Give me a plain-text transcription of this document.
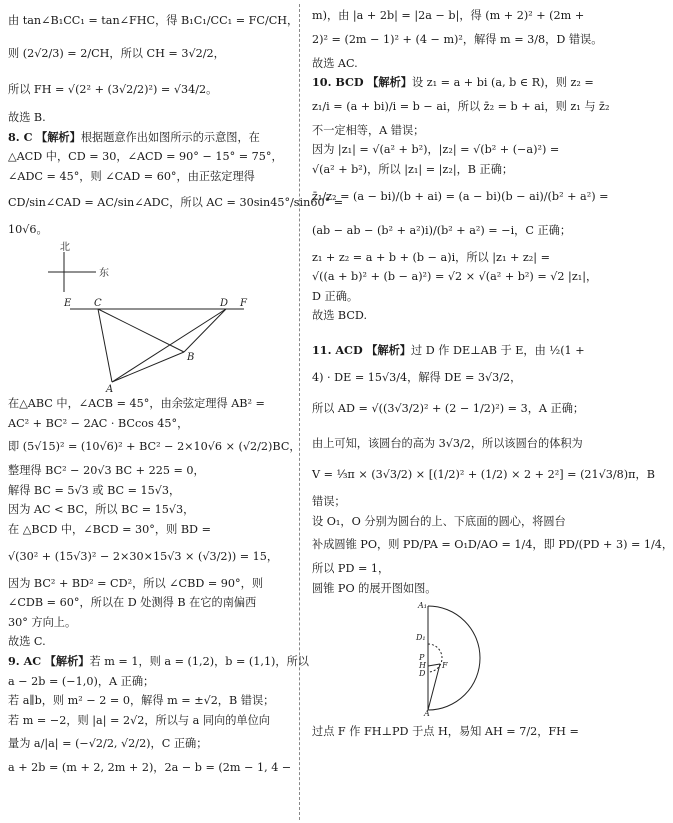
由 tan∠B₁CC₁ = tan∠FHC，得 B₁C₁/CC₁ = FC/CH，
则 (2√2/3) = 2/CH，所以 CH = 3√2/2，
所以 FH = √(2² + (3√2/2)²) = √34/2。
故选 B.
8. C 【解析】根据题意作出如图所示的示意图，在
△ACD 中，CD = 30，∠ACD = 90° − 15° = 75°，
∠ADC = 45°，则 ∠CAD = 60°，由正弦定理得
CD/sin∠CAD = AC/sin∠ADC，所以 AC = 30sin45°/sin60° =
10√6。
北
东
E C	D F
B
A
在△ABC 中，∠ACB = 45°，由余弦定理得 AB² =
AC² + BC² − 2AC · BCcos 45°，
即 (5√15)² = (10√6)² + BC² − 2×10√6 × (√2/2)BC，
整理得 BC² − 20√3 BC + 225 = 0，
解得 BC = 5√3 或 BC = 15√3，
因为 AC < BC，所以 BC = 15√3，
在 △BCD 中，∠BCD = 30°，则 BD =
√(30² + (15√3)² − 2×30×15√3 × (√3/2)) = 15，
因为 BC² + BD² = CD²，所以 ∠CBD = 90°，则
∠CDB = 60°，所以在 D 处测得 B 在它的南偏西
30° 方向上。
故选 C.
9. AC 【解析】若 m = 1，则 a = (1,2)，b = (1,1)，所以
a − 2b = (−1,0)，A 正确；
若 a∥b，则 m² − 2 = 0，解得 m = ±√2，B 错误；
若 m = −2，则 |a| = 2√2，所以与 a 同向的单位向
量为 a/|a| = (−√2/2, √2/2)，C 正确；
a + 2b = (m + 2, 2m + 2)，2a − b = (2m − 1, 4 −
m)，由 |a + 2b| = |2a − b|，得 (m + 2)² + (2m +
2)² = (2m − 1)² + (4 − m)²，解得 m = 3/8，D 错误。
故选 AC.
10. BCD 【解析】设 z₁ = a + bi (a, b ∈ R)，则 z₂ =
z₁/i = (a + bi)/i = b − ai，所以 z̄₂ = b + ai，则 z₁ 与 z̄₂
不一定相等，A 错误；
因为 |z₁| = √(a² + b²)，|z₂| = √(b² + (−a)²) =
√(a² + b²)，所以 |z₁| = |z₂|，B 正确；
z̄₁/z₂ = (a − bi)/(b + ai) = (a − bi)(b − ai)/(b² + a²) =
(ab − ab − (b² + a²)i)/(b² + a²) = −i，C 正确；
z₁ + z₂ = a + b + (b − a)i，所以 |z₁ + z₂| =
√((a + b)² + (b − a)²) = √2 × √(a² + b²) = √2 |z₁|，
D 正确。
故选 BCD.
11. ACD 【解析】过 D 作 DE⊥AB 于 E，由 ½(1 +
4) · DE = 15√3/4，解得 DE = 3√3/2，
所以 AD = √((3√3/2)² + (2 − 1/2)²) = 3，A 正确；
由上可知，该圆台的高为 3√3/2，所以该圆台的体积为
V = ⅓π × (3√3/2) × [(1/2)² + (1/2) × 2 + 2²] = (21√3/8)π，B
错误；
设 O₁，O 分别为圆台的上、下底面的圆心，将圆台
补成圆锥 PO，则 PD/PA = O₁D/AO = 1/4，即 PD/(PD + 3) = 1/4，
所以 PD = 1，
圆锥 PO 的展开图如图。
A₁
D₁
P
H
D
F
A
过点 F 作 FH⊥PD 于点 H，易知 AH = 7/2，FH =
